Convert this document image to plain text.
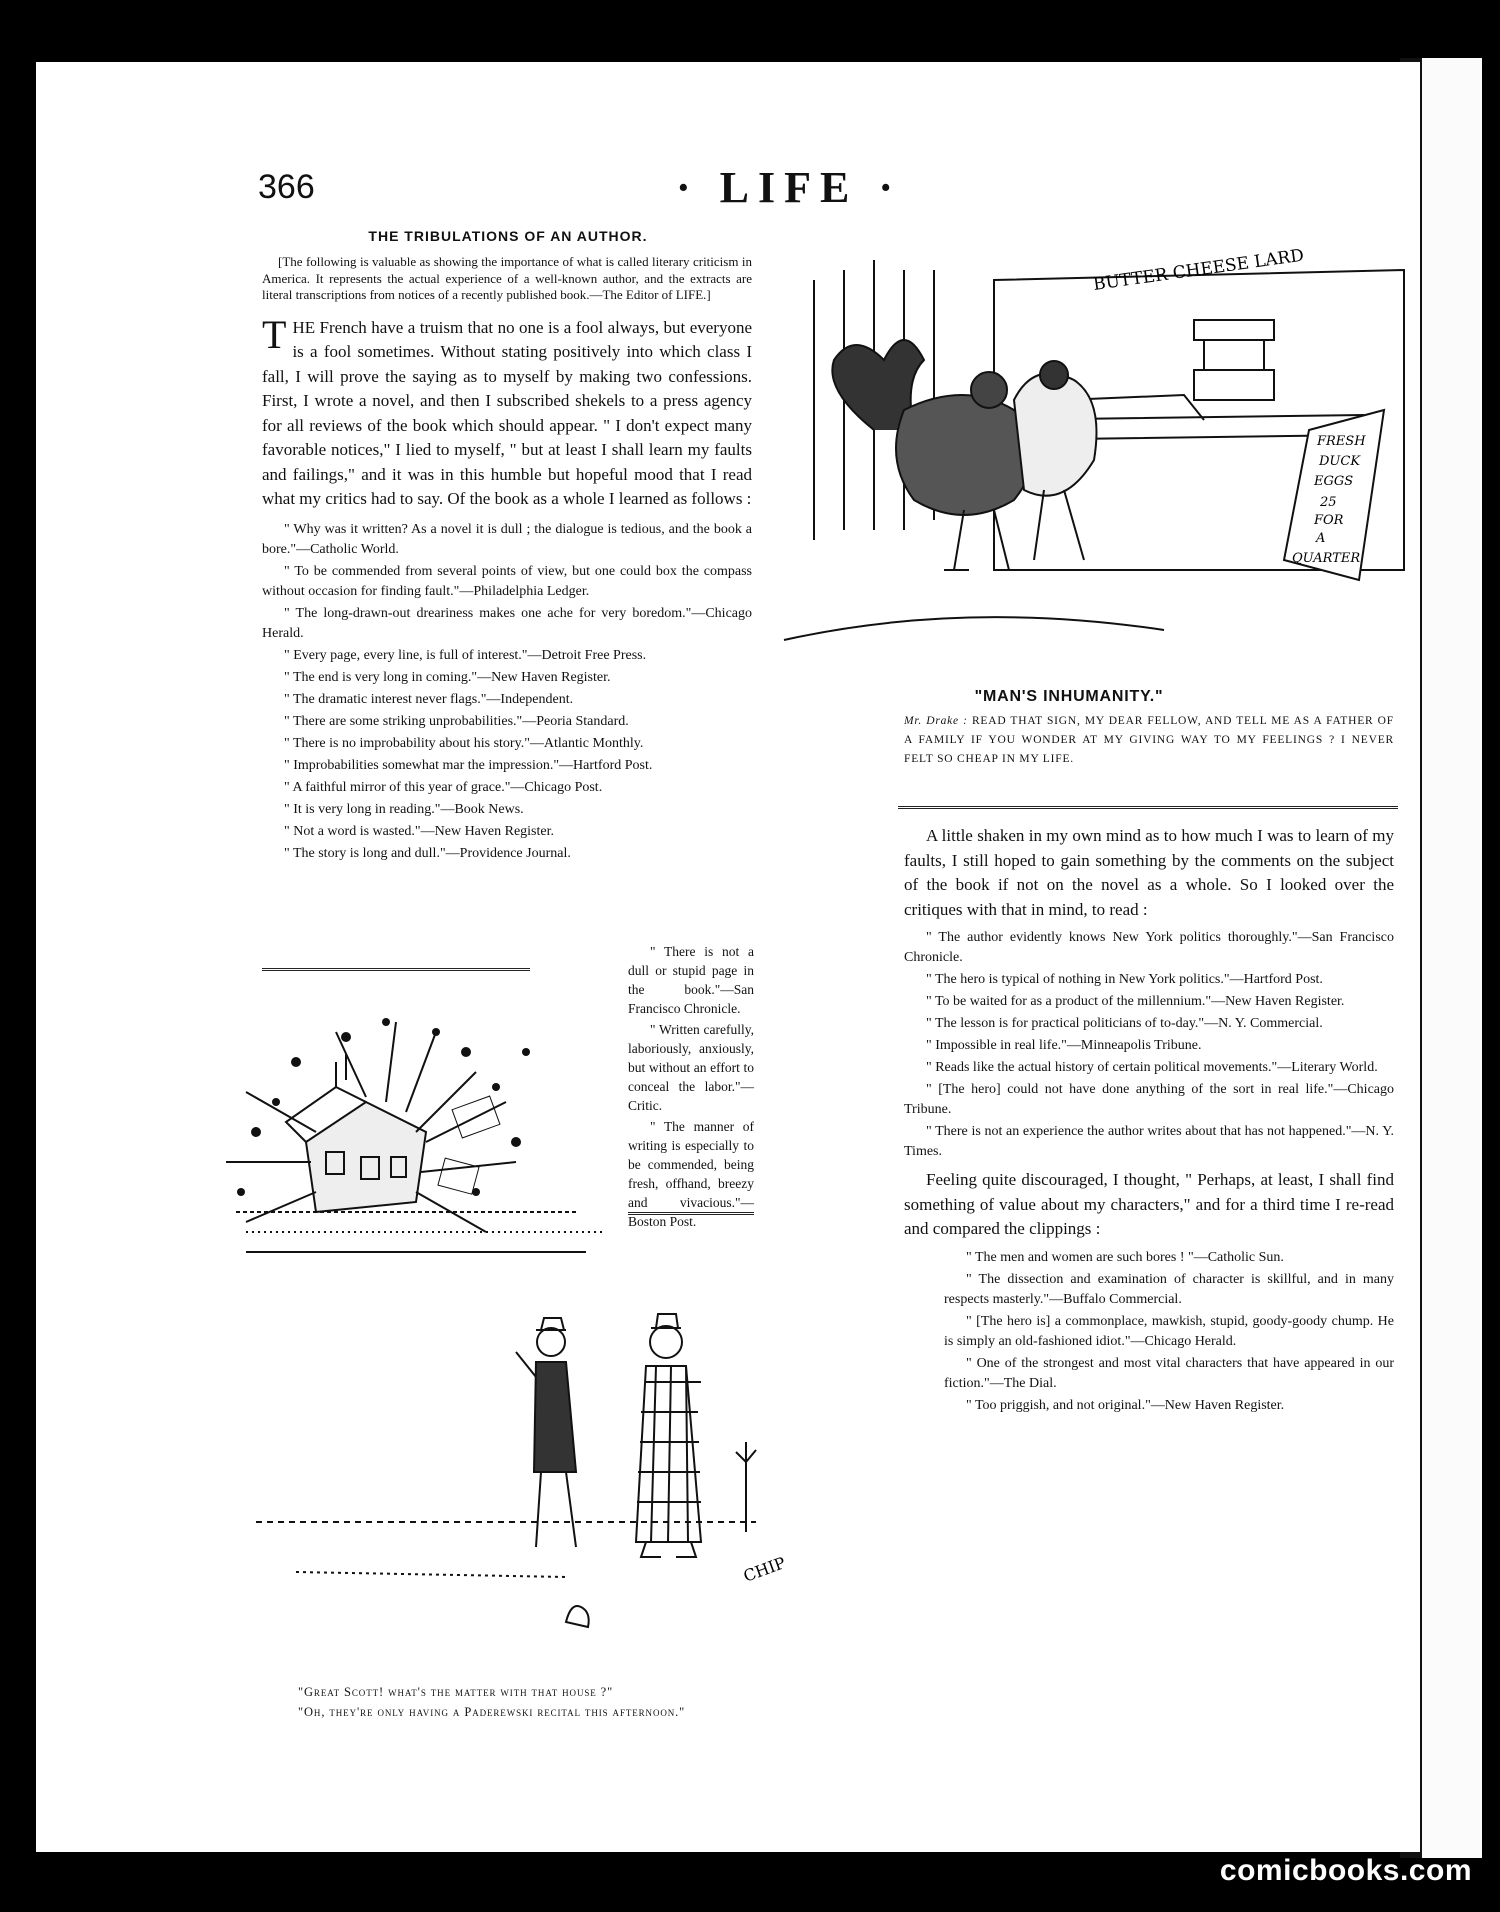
366	· LIFE ·
THE TRIBULATIONS OF AN AUTHOR.

[The following is valuable as showing the importance of what is called literary criticism in America. It represents the actual experience of a well-known author, and the extracts are literal transcriptions from notices of a recently published book.—The Editor of LIFE.]

T HE French have a truism that no one is a fool always, but everyone is a fool sometimes. Without stating positively into which class I fall, I will prove the saying as to myself by making two confessions. First, I wrote a novel, and then I subscribed shekels to a press agency for all reviews of the book which should appear. " I don't expect many favorable notices," I lied to myself, " but at least I shall learn my faults and failings," and it was in this humble but hopeful mood that I read what my critics had to say. Of the book as a whole I learned as follows :

" Why was it written? As a novel it is dull ; the dialogue is tedious, and the book a bore."—Catholic World.

" To be commended from several points of view, but one could box the compass without occasion for finding fault."—Philadelphia Ledger.

" The long-drawn-out dreariness makes one ache for very boredom."—Chicago Herald.

" Every page, every line, is full of interest."—Detroit Free Press.

" The end is very long in coming."—New Haven Register.

" The dramatic interest never flags."—Independent.

" There are some striking unprobabilities."—Peoria Standard.

" There is no improbability about his story."—Atlantic Monthly.

" Improbabilities somewhat mar the impression."—Hartford Post.

" A faithful mirror of this year of grace."—Chicago Post.

" It is very long in reading."—Book News.

" Not a word is wasted."—New Haven Register.

" The story is long and dull."—Providence Journal.

" There is not a dull or stupid page in the book."—San Francisco Chronicle.

" Written carefully, laboriously, anxiously, but without an effort to conceal the labor."—Critic.

" The manner of writing is especially to be commended, being fresh, offhand, breezy and vivacious."—Boston Post.

CHIP
"Great Scott! what's the matter with that house ?"
"Oh, they're only having a Paderewski recital this afternoon."
BUTTER CHEESE LARD
FRESH
DUCK
EGGS
25
FOR
A
QUARTER
"MAN'S INHUMANITY."
Mr. Drake : READ THAT SIGN, MY DEAR FELLOW, AND TELL ME AS A FATHER OF A FAMILY IF YOU WONDER AT MY GIVING WAY TO MY FEELINGS ? I NEVER FELT SO CHEAP IN MY LIFE.

A little shaken in my own mind as to how much I was to learn of my faults, I still hoped to gain something by the comments on the subject of the book if not on the novel as a whole. So I looked over the critiques with that in mind, to read :

" The author evidently knows New York politics thoroughly."—San Francisco Chronicle.

" The hero is typical of nothing in New York politics."—Hartford Post.

" To be waited for as a product of the millennium."—New Haven Register.

" The lesson is for practical politicians of to-day."—N. Y. Commercial.

" Impossible in real life."—Minneapolis Tribune.

" Reads like the actual history of certain political movements."—Literary World.

" [The hero] could not have done anything of the sort in real life."—Chicago Tribune.

" There is not an experience the author writes about that has not happened."—N. Y. Times.

Feeling quite discouraged, I thought, " Perhaps, at least, I shall find something of value about my characters," and for a third time I re-read and compared the clippings :

" The men and women are such bores ! "—Catholic Sun.

" The dissection and examination of character is skillful, and in many respects masterly."—Buffalo Commercial.

" [The hero is] a commonplace, mawkish, stupid, goody-goody chump. He is simply an old-fashioned idiot."—Chicago Herald.

" One of the strongest and most vital characters that have appeared in our fiction."—The Dial.

" Too priggish, and not original."—New Haven Register.

comicbooks.com
